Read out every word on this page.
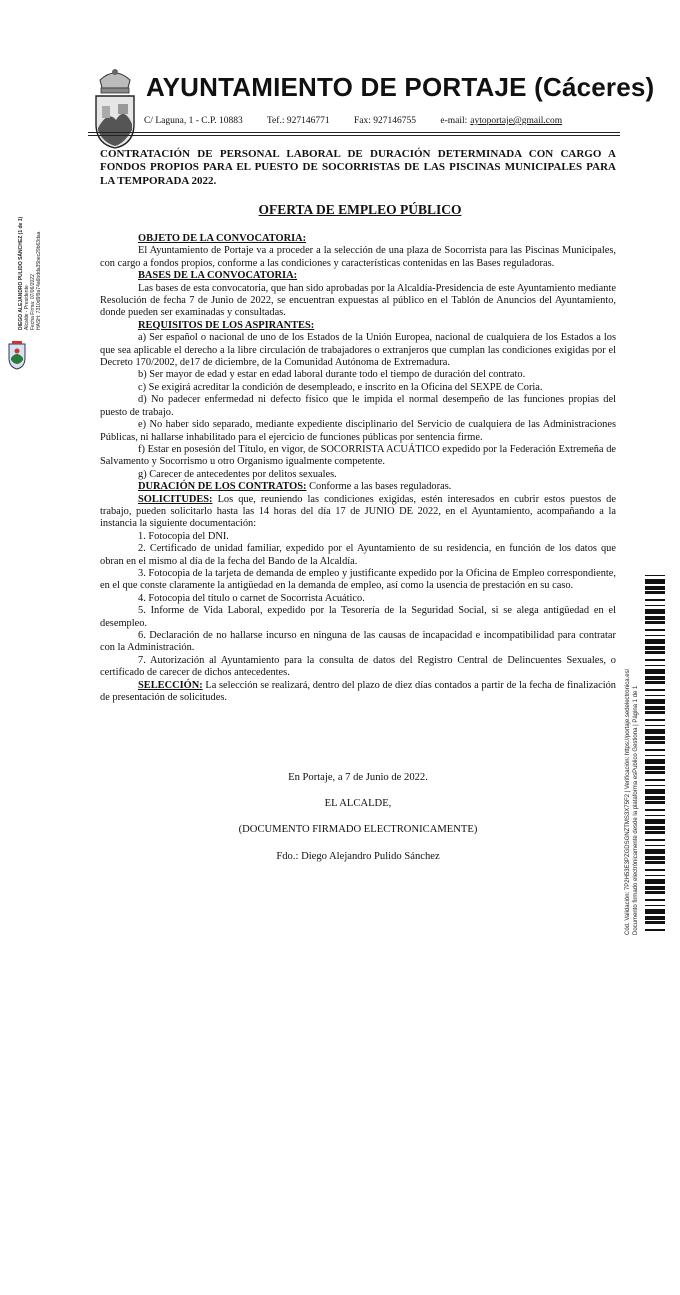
AYUNTAMIENTO DE PORTAJE (Cáceres)
C/ Laguna, 1 - C.P. 10883	Tef.: 927146771	Fax: 927146755	e-mail: aytoportaje@gmail.com
CONTRATACIÓN DE PERSONAL LABORAL DE DURACIÓN DETERMINADA CON CARGO A FONDOS PROPIOS PARA EL PUESTO DE SOCORRISTAS DE LAS PISCINAS MUNICIPALES PARA LA TEMPORADA 2022.
OFERTA DE EMPLEO PÚBLICO

OBJETO DE LA CONVOCATORIA:

El Ayuntamiento de Portaje va a proceder a la selección de una plaza de Socorrista para las Piscinas Municipales, con cargo a fondos propios, conforme a las condiciones y características contenidas en las Bases reguladoras.

BASES DE LA CONVOCATORIA:

Las bases de esta convocatoria, que han sido aprobadas por la Alcaldía-Presidencia de este Ayuntamiento mediante Resolución de fecha 7 de Junio de 2022, se encuentran expuestas al público en el Tablón de Anuncios del Ayuntamiento, donde pueden ser examinadas y consultadas.

REQUISITOS DE LOS ASPIRANTES:

a) Ser español o nacional de uno de los Estados de la Unión Europea, nacional de cualquiera de los Estados a los que sea aplicable el derecho a la libre circulación de trabajadores o extranjeros que cumplan las condiciones exigidas por el Decreto 170/2002, de17 de diciembre, de la Comunidad Autónoma de Extremadura.

b) Ser mayor de edad y estar en edad laboral durante todo el tiempo de duración del contrato.

c) Se exigirá acreditar la condición de desempleado, e inscrito en la Oficina del SEXPE de Coria.

d) No padecer enfermedad ni defecto físico que le impida el normal desempeño de las funciones propias del puesto de trabajo.

e) No haber sido separado, mediante expediente disciplinario del Servicio de cualquiera de las Administraciones Públicas, ni hallarse inhabilitado para el ejercicio de funciones públicas por sentencia firme.

f) Estar en posesión del Título, en vigor, de SOCORRISTA ACUÁTICO expedido por la Federación Extremeña de Salvamento y Socorrismo u otro Organismo igualmente competente.

g) Carecer de antecedentes por delitos sexuales.

DURACIÓN DE LOS CONTRATOS: Conforme a las bases reguladoras.

SOLICITUDES: Los que, reuniendo las condiciones exigidas, estén interesados en cubrir estos puestos de trabajo, pueden solicitarlo hasta las 14 horas del día 17 de JUNIO DE 2022, en el Ayuntamiento, acompañando a la instancia la siguiente documentación:

1. Fotocopia del DNI.

2. Certificado de unidad familiar, expedido por el Ayuntamiento de su residencia, en función de los datos que obran en el mismo al día de la fecha del Bando de la Alcaldía.

3. Fotocopia de la tarjeta de demanda de empleo y justificante expedido por la Oficina de Empleo correspondiente, en el que conste claramente la antigüedad en la demanda de empleo, así como la usencia de prestación en su caso.

4. Fotocopia del título o carnet de Socorrista Acuático.

5. Informe de Vida Laboral, expedido por la Tesorería de la Seguridad Social, si se alega antigüedad en el desempleo.

6. Declaración de no hallarse incurso en ninguna de las causas de incapacidad e incompatibilidad para contratar con la Administración.

7. Autorización al Ayuntamiento para la consulta de datos del Registro Central de Delincuentes Sexuales, o certificado de carecer de dichos antecedentes.

SELECCIÓN: La selección se realizará, dentro del plazo de diez días contados a partir de la fecha de finalización de presentación de solicitudes.

En Portaje, a 7 de Junio de 2022.
EL ALCALDE,
(DOCUMENTO FIRMADO ELECTRONICAMENTE)
Fdo.: Diego Alejandro Pulido Sánchez
DIEGO ALEJANDRO PULIDO SÁNCHEZ (1 de 1) Alcalde - Presidente Fecha Firma: 07/06/2022 HASH: 7310d9f9a74a6bdda35bec29b63daa
Cód. Validación: 7P2H53E3PZGDSGNZTMS3X75F2 | Verificación: https://portaje.sedelectronica.es/ Documento firmado electrónicamente desde la plataforma esPublico Gestiona | Página 1 de 1
